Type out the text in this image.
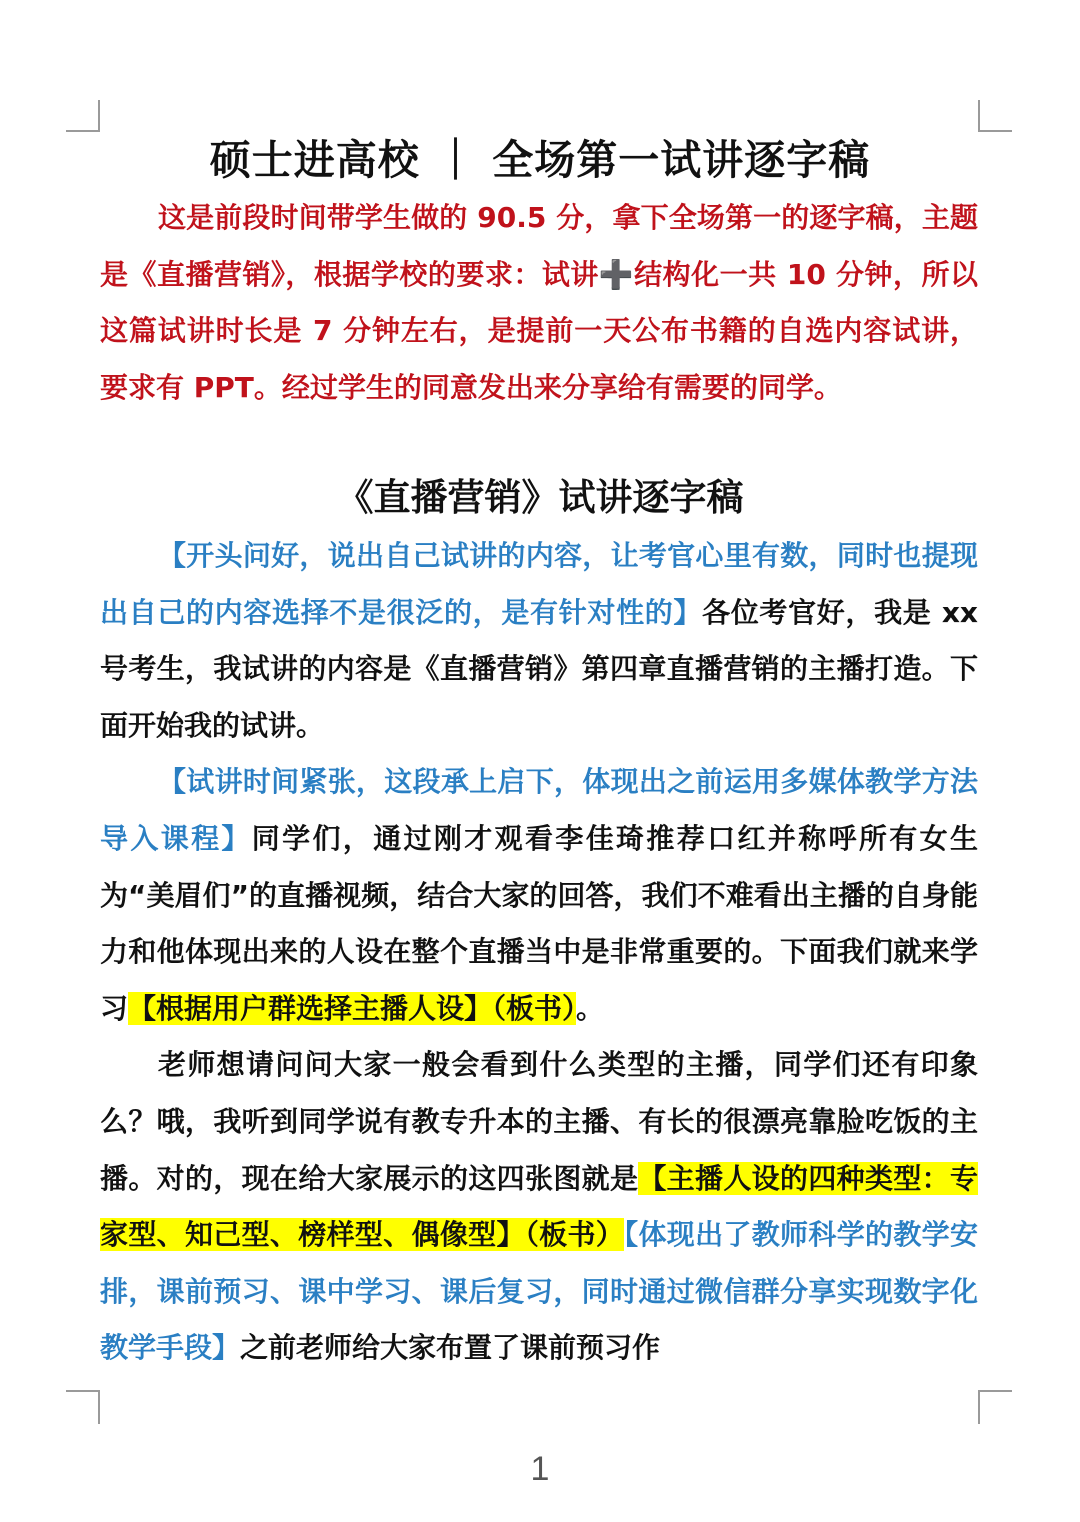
硕士进高校 ｜ 全场第一试讲逐字稿
这是前段时间带学生做的 90.5 分，拿下全场第一的逐字稿，主题是《直播营销》，根据学校的要求：试讲➕结构化一共 10 分钟，所以这篇试讲时长是 7 分钟左右，是提前一天公布书籍的自选内容试讲，要求有 PPT。经过学生的同意发出来分享给有需要的同学。
《直播营销》试讲逐字稿

【开头问好，说出自己试讲的内容，让考官心里有数，同时也提现出自己的内容选择不是很泛的，是有针对性的】各位考官好，我是 xx 号考生，我试讲的内容是《直播营销》第四章直播营销的主播打造。下面开始我的试讲。

【试讲时间紧张，这段承上启下，体现出之前运用多媒体教学方法导入课程】同学们，通过刚才观看李佳琦推荐口红并称呼所有女生为“美眉们”的直播视频，结合大家的回答，我们不难看出主播的自身能力和他体现出来的人设在整个直播当中是非常重要的。下面我们就来学习【根据用户群选择主播人设】（板书）。

老师想请问问大家一般会看到什么类型的主播，同学们还有印象么？哦，我听到同学说有教专升本的主播、有长的很漂亮靠脸吃饭的主播。对的，现在给大家展示的这四张图就是【主播人设的四种类型：专家型、知己型、榜样型、偶像型】（板书）【体现出了教师科学的教学安排，课前预习、课中学习、课后复习，同时通过微信群分享实现数字化教学手段】之前老师给大家布置了课前预习作

1
